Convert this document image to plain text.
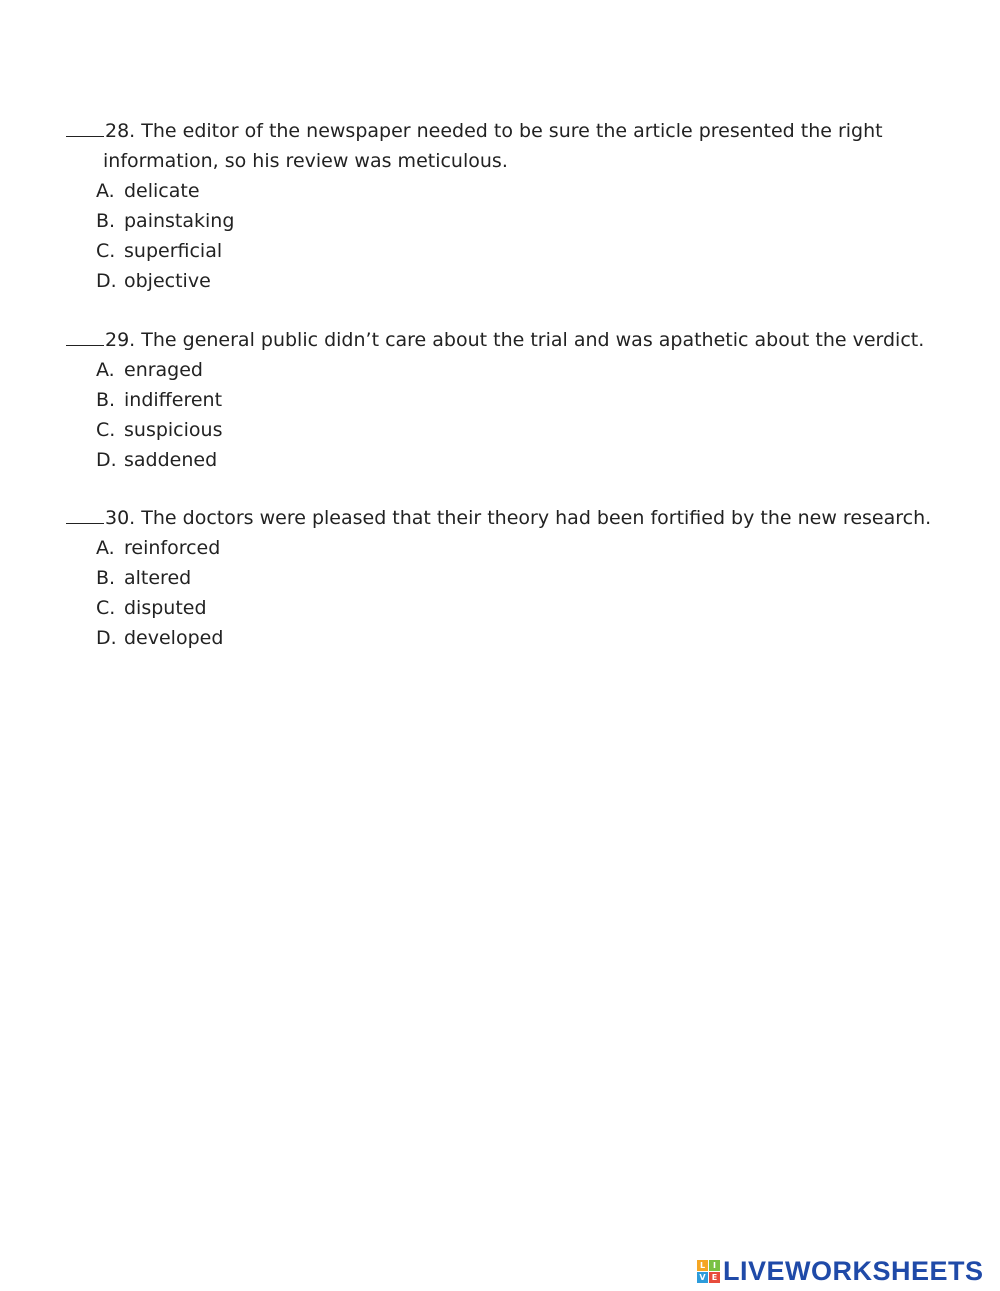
28. The editor of the newspaper needed to be sure the article presented the right
information, so his review was meticulous.
A. delicate
B. painstaking
C. superficial
D. objective
29. The general public didn’t care about the trial and was apathetic about the verdict.
A. enraged
B. indifferent
C. suspicious
D. saddened
30. The doctors were pleased that their theory had been fortified by the new research.
A. reinforced
B. altered
C. disputed
D. developed
L I
V E LIVEWORKSHEETS
